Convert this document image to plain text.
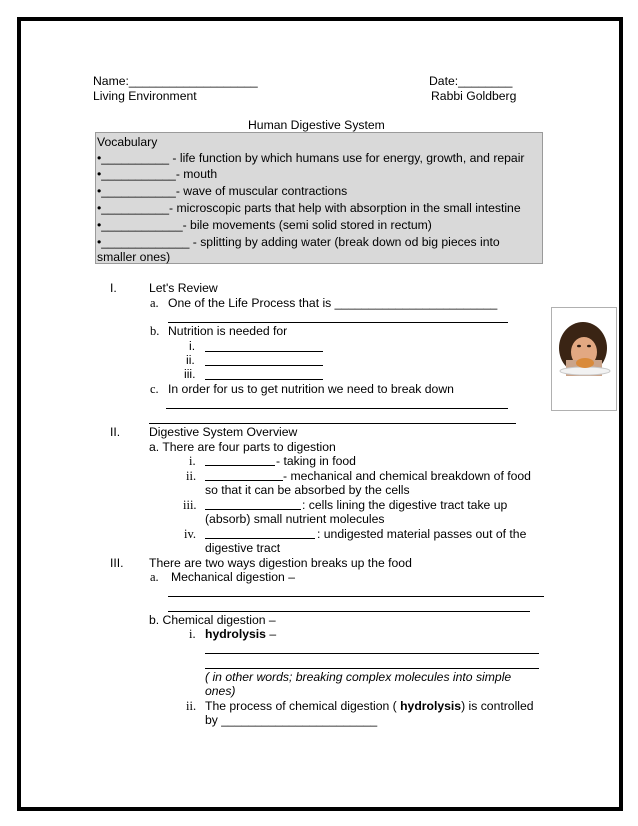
Name:___________________	Date:________
Living Environment	Rabbi Goldberg
Human Digestive System
Vocabulary
•__________ - life function by which humans use for energy, growth, and repair
•___________- mouth
•___________- wave of muscular contractions
•__________- microscopic parts that help with absorption in the small intestine
•____________- bile movements (semi solid stored in rectum)
•_____________ - splitting by adding water (break down od big pieces into
smaller ones)
I.	Let's Review
a. One of the Life Process that is ________________________
b. Nutrition is needed for
i.
ii.
iii.
c. In order for us to get nutrition we need to break down
II. Digestive System Overview
a. There are four parts to digestion
i.	- taking in food
ii.	- mechanical and chemical breakdown of food
so that it can be absorbed by the cells
iii.	: cells lining the digestive tract take up
(absorb) small nutrient molecules
iv.	: undigested material passes out of the
digestive tract
III. There are two ways digestion breaks up the food
a. Mechanical digestion –
b. Chemical digestion –
i. hydrolysis –
( in other words; breaking complex molecules into simple
ones)
ii. The process of chemical digestion ( hydrolysis) is controlled
by _______________________
